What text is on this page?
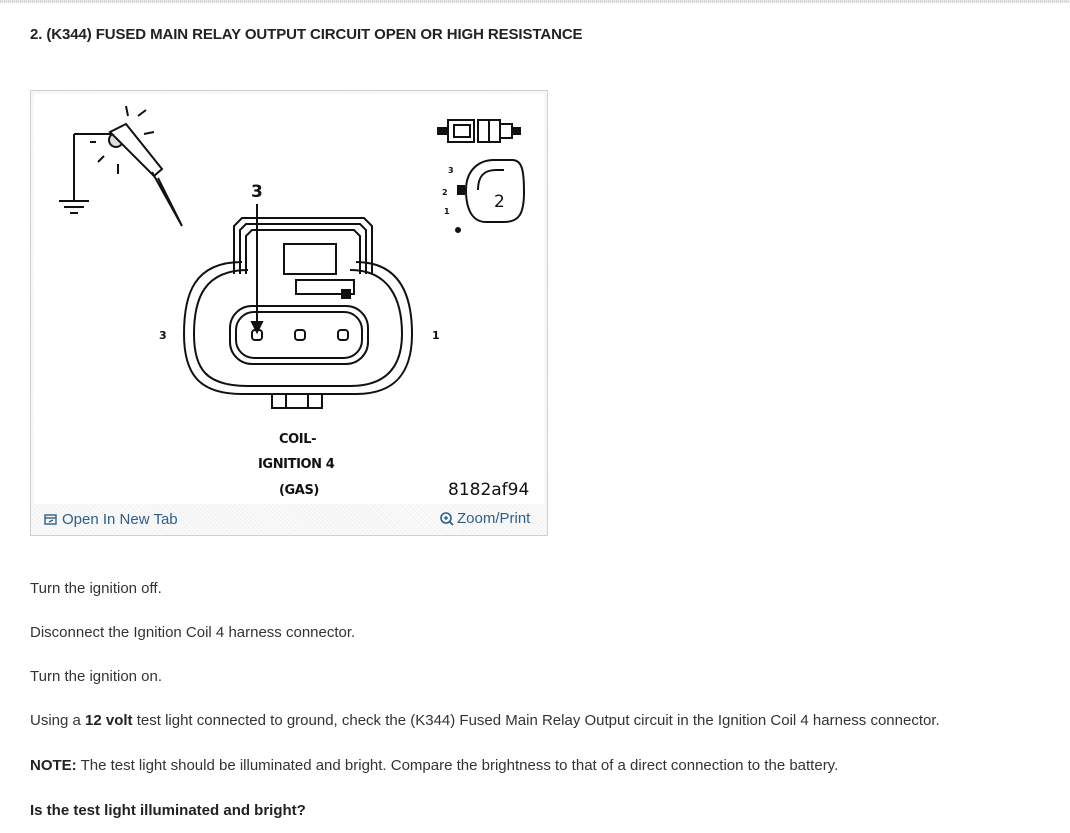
2. (K344) FUSED MAIN RELAY OUTPUT CIRCUIT OPEN OR HIGH RESISTANCE
3
3	1
3
2
1	2
COIL-
IGNITION 4
(GAS)	8182af94
Open In New Tab	Zoom/Print

Turn the ignition off.

Disconnect the Ignition Coil 4 harness connector.

Turn the ignition on.

Using a 12 volt test light connected to ground, check the (K344) Fused Main Relay Output circuit in the Ignition Coil 4 harness connector.

NOTE: The test light should be illuminated and bright. Compare the brightness to that of a direct connection to the battery.

Is the test light illuminated and bright?
